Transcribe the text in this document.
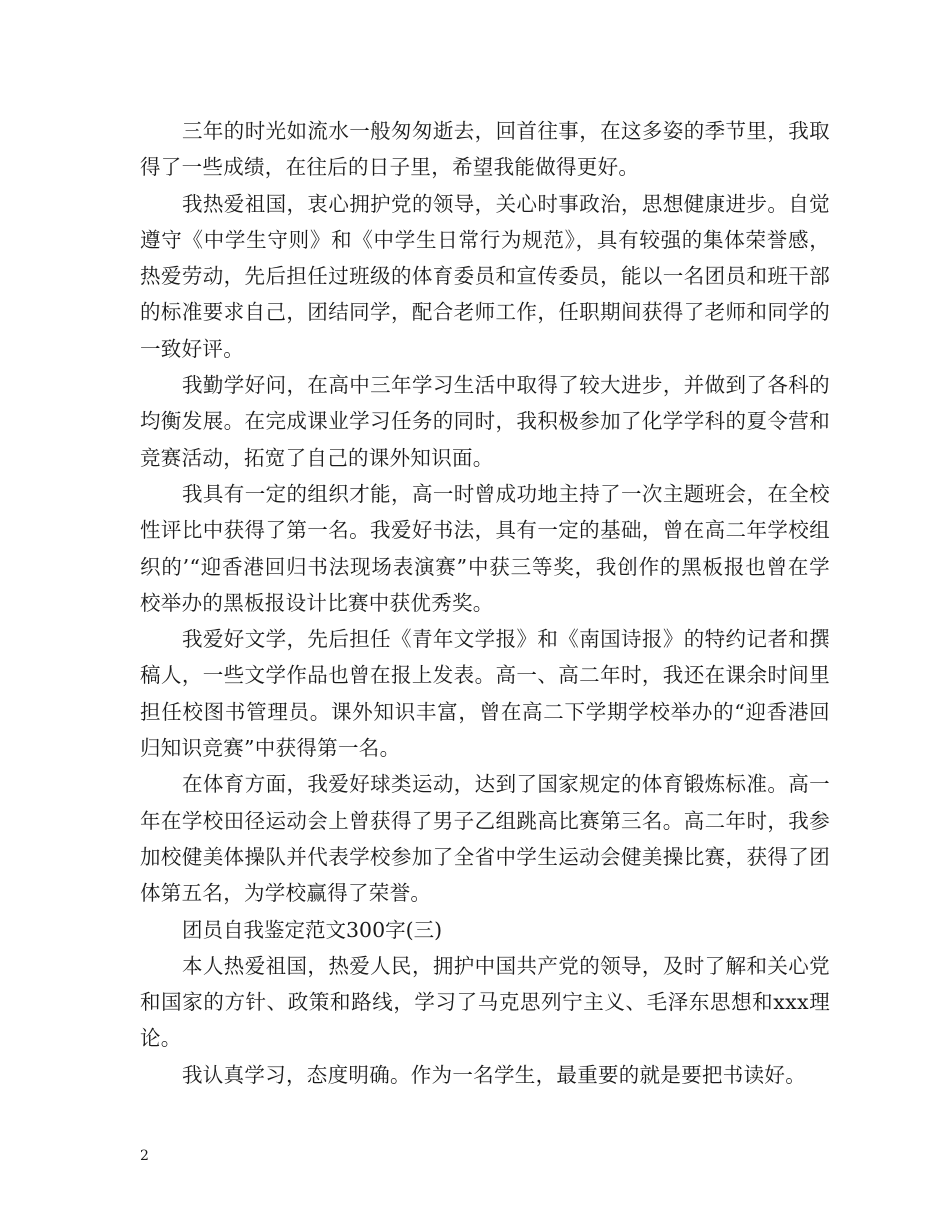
三年的时光如流水一般匆匆逝去，回首往事，在这多姿的季节里，我取得了一些成绩，在往后的日子里，希望我能做得更好。

我热爱祖国，衷心拥护党的领导，关心时事政治，思想健康进步。自觉遵守《中学生守则》和《中学生日常行为规范》，具有较强的集体荣誉感，热爱劳动，先后担任过班级的体育委员和宣传委员，能以一名团员和班干部的标准要求自己，团结同学，配合老师工作，任职期间获得了老师和同学的一致好评。

我勤学好问，在高中三年学习生活中取得了较大进步，并做到了各科的均衡发展。在完成课业学习任务的同时，我积极参加了化学学科的夏令营和竞赛活动，拓宽了自己的课外知识面。

我具有一定的组织才能，高一时曾成功地主持了一次主题班会，在全校性评比中获得了第一名。我爱好书法，具有一定的基础，曾在高二年学校组织的’“迎香港回归书法现场表演赛”中获三等奖，我创作的黑板报也曾在学校举办的黑板报设计比赛中获优秀奖。

我爱好文学，先后担任《青年文学报》和《南国诗报》的特约记者和撰稿人，一些文学作品也曾在报上发表。高一、高二年时，我还在课余时间里担任校图书管理员。课外知识丰富，曾在高二下学期学校举办的“迎香港回归知识竞赛”中获得第一名。

在体育方面，我爱好球类运动，达到了国家规定的体育锻炼标准。高一年在学校田径运动会上曾获得了男子乙组跳高比赛第三名。高二年时，我参加校健美体操队并代表学校参加了全省中学生运动会健美操比赛，获得了团体第五名，为学校赢得了荣誉。

团员自我鉴定范文300字(三)

本人热爱祖国，热爱人民，拥护中国共产党的领导，及时了解和关心党和国家的方针、政策和路线，学习了马克思列宁主义、毛泽东思想和xxx理论。

我认真学习，态度明确。作为一名学生，最重要的就是要把书读好。

2
